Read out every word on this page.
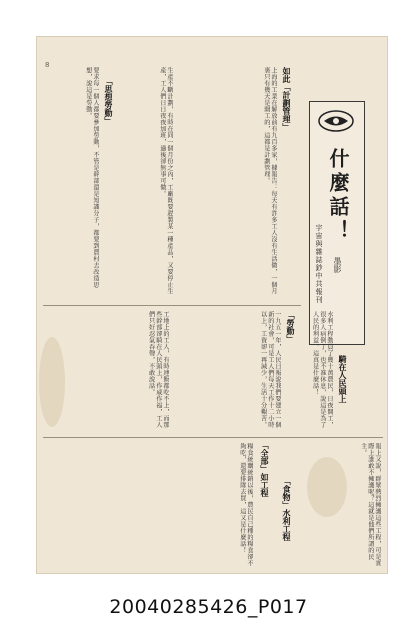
8
什麼話！
宇宙與雜誌鈔中共報刊 墨影
如此「計劃管理」
上海的工業在解放前有九百多家，據報告：每天有許多工人沒有生活做，一個月裏只有幾天是開工的，這都是計劃管理。
「思想勞動」	生產不斷計劃，有時在同一個月份之內，工廠既要趕製某一種產品，又要停止生產，工人們日日夜夜加班，過後卻無事可做。
要求每一個人都要參加勞動，不管是幹部還是知識分子，都要到農村去改造思想，說這是勞動。
「勞動」
一九五一年，人民日報說我們要建立一個新的社會，可是工人們每天工作十二小時以上，工資卻一再減少，生活十分艱苦。
工地上的工人，有時連飯都吃不上，而那些幹部卻騎在人民頭上，作威作福，工人們只好忍氣吞聲，不敢說話。	騎在人民頭上
水利工程動員了幾十萬農民，日夜開工，很多人病倒了，也不准休息，說這是為了人民的利益，這真是什麼話！
「全部」如工程
「食物」水利工程	報上又說，群眾熱烈擁護這些工程，可是實際上誰敢不擁護呢？這就是他們所謂的民主。
糧食統購統銷以後，農民自己種的糧食卻不夠吃，還要排隊去買，這又是什麼話！
20040285426_P017
